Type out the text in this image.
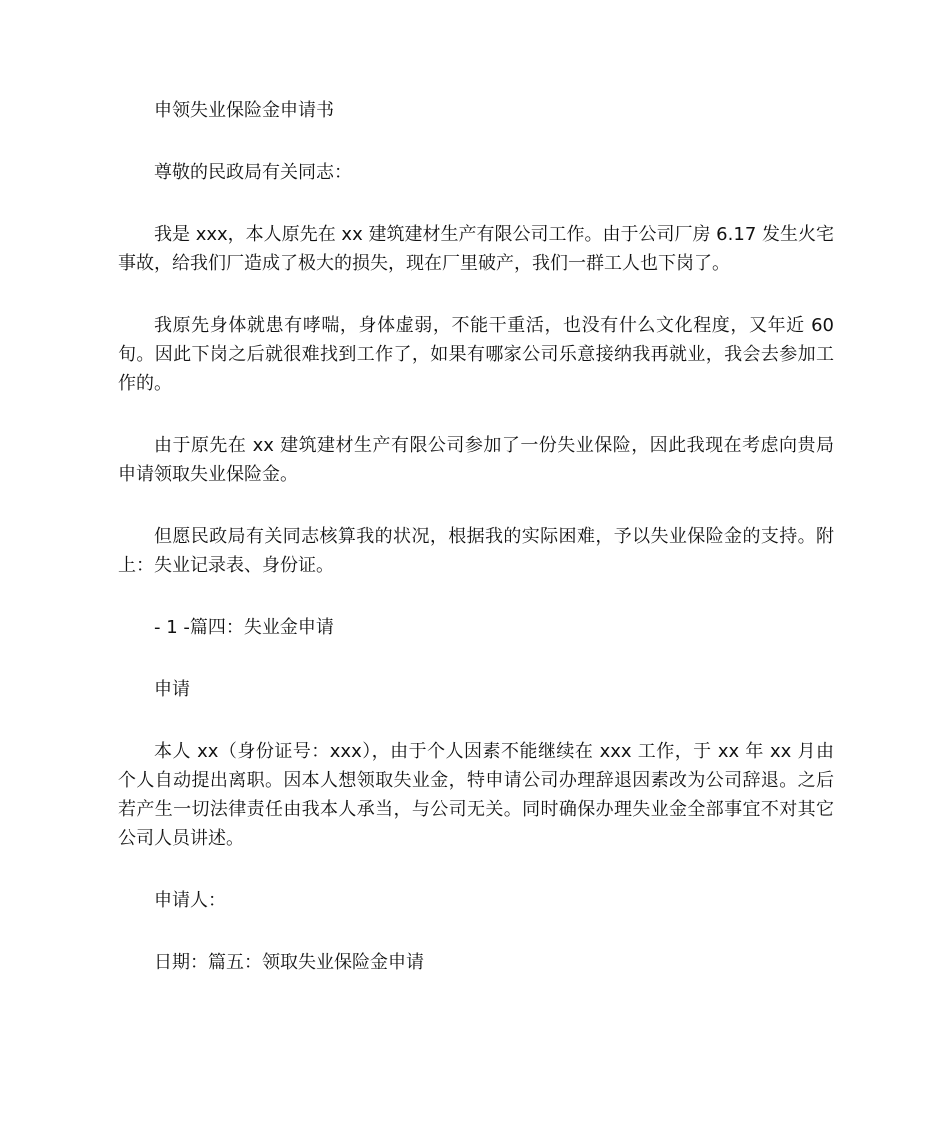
申领失业保险金申请书

尊敬的民政局有关同志：

我是 xxx，本人原先在 xx 建筑建材生产有限公司工作。由于公司厂房 6.17 发生火宅事故，给我们厂造成了极大的损失，现在厂里破产，我们一群工人也下岗了。

我原先身体就患有哮喘，身体虚弱，不能干重活，也没有什么文化程度，又年近 60 旬。因此下岗之后就很难找到工作了，如果有哪家公司乐意接纳我再就业，我会去参加工作的。

由于原先在 xx 建筑建材生产有限公司参加了一份失业保险，因此我现在考虑向贵局申请领取失业保险金。

但愿民政局有关同志核算我的状况，根据我的实际困难，予以失业保险金的支持。附上：失业记录表、身份证。

- 1 -篇四：失业金申请

申请

本人 xx（身份证号：xxx），由于个人因素不能继续在 xxx 工作，于 xx 年 xx 月由个人自动提出离职。因本人想领取失业金，特申请公司办理辞退因素改为公司辞退。之后若产生一切法律责任由我本人承当，与公司无关。同时确保办理失业金全部事宜不对其它公司人员讲述。

申请人：

日期：篇五：领取失业保险金申请
